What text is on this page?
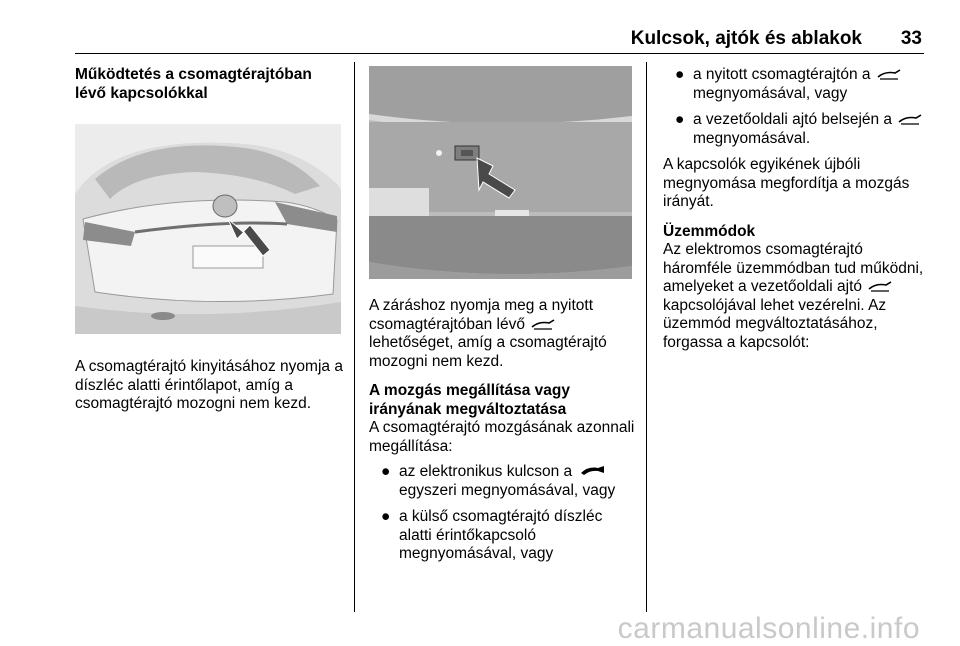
Kulcsok, ajtók és ablakok 33
Működtetés a csomagtérajtóban lévő kapcsolókkal

A csomagtérajtó kinyitásához nyomja a díszléc alatti érintőlapot, amíg a csomagtérajtó mozogni nem kezd.

A záráshoz nyomja meg a nyitott csomagtérajtóban lévő  lehetőséget, amíg a csomagtérajtó mozogni nem kezd.

A mozgás megállítása vagy irányának megváltoztatása

A csomagtérajtó mozgásának azonnali megállítása:

● az elektronikus kulcson a  egyszeri megnyomásával, vagy
● a külső csomagtérajtó díszléc alatti érintőkapcsoló megnyomásával, vagy
● a nyitott csomagtérajtón a  megnyomásával, vagy
● a vezetőoldali ajtó belsején a  megnyomásával.

A kapcsolók egyikének újbóli megnyomása megfordítja a mozgás irányát.

Üzemmódok

Az elektromos csomagtérajtó háromféle üzemmódban tud működni, amelyeket a vezetőoldali ajtó  kapcsolójával lehet vezérelni. Az üzemmód megváltoztatásához, forgassa a kapcsolót:

carmanualsonline.info
